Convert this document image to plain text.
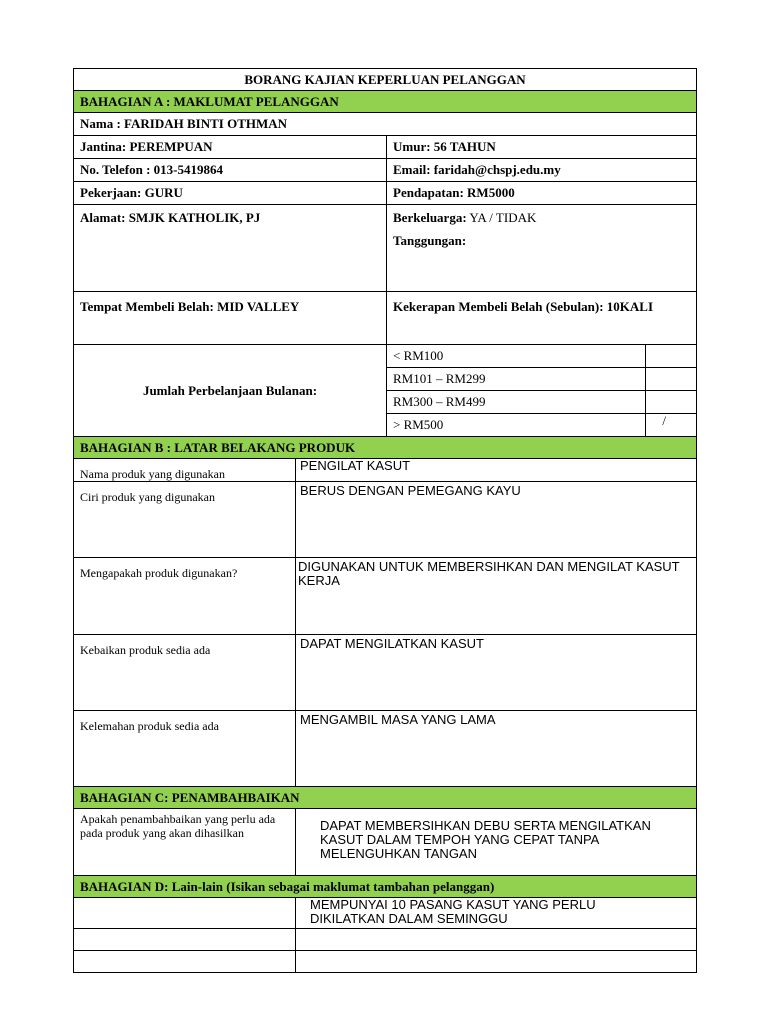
BORANG KAJIAN KEPERLUAN PELANGGAN			
BAHAGIAN A : MAKLUMAT PELANGGAN			
Nama : FARIDAH BINTI OTHMAN			
Jantina: PEREMPUAN		Umur: 56 TAHUN	
No. Telefon : 013-5419864		Email: faridah@chspj.edu.my	
Pekerjaan: GURU		Pendapatan: RM5000	
Alamat: SMJK KATHOLIK, PJ		Berkeluarga: YA / TIDAK
Tanggungan:	

Tempat Membeli Belah: MID VALLEY		Kekerapan Membeli Belah (Sebulan): 10KALI	
Jumlah Perbelanjaan Bulanan:		< RM100	
		RM101 – RM299	
		RM300 – RM499	
		> RM500	/
BAHAGIAN B : LATAR BELAKANG PRODUK			
Nama produk yang digunakan	PENGILAT KASUT		
Ciri produk yang digunakan	BERUS DENGAN PEMEGANG KAYU		
Mengapakah produk digunakan?	DIGUNAKAN UNTUK MEMBERSIHKAN DAN MENGILAT KASUT KERJA		
Kebaikan produk sedia ada	DAPAT MENGILATKAN KASUT		
Kelemahan produk sedia ada	MENGAMBIL MASA YANG LAMA		
BAHAGIAN C: PENAMBAHBAIKAN			
Apakah penambahbaikan yang perlu ada pada produk yang akan dihasilkan	DAPAT MEMBERSIHKAN DEBU SERTA MENGILATKAN KASUT DALAM TEMPOH YANG CEPAT TANPA MELENGUHKAN TANGAN		
BAHAGIAN D: Lain-lain (Isikan sebagai maklumat tambahan pelanggan)			
	MEMPUNYAI 10 PASANG KASUT YANG PERLU DIKILATKAN DALAM SEMINGGU		
